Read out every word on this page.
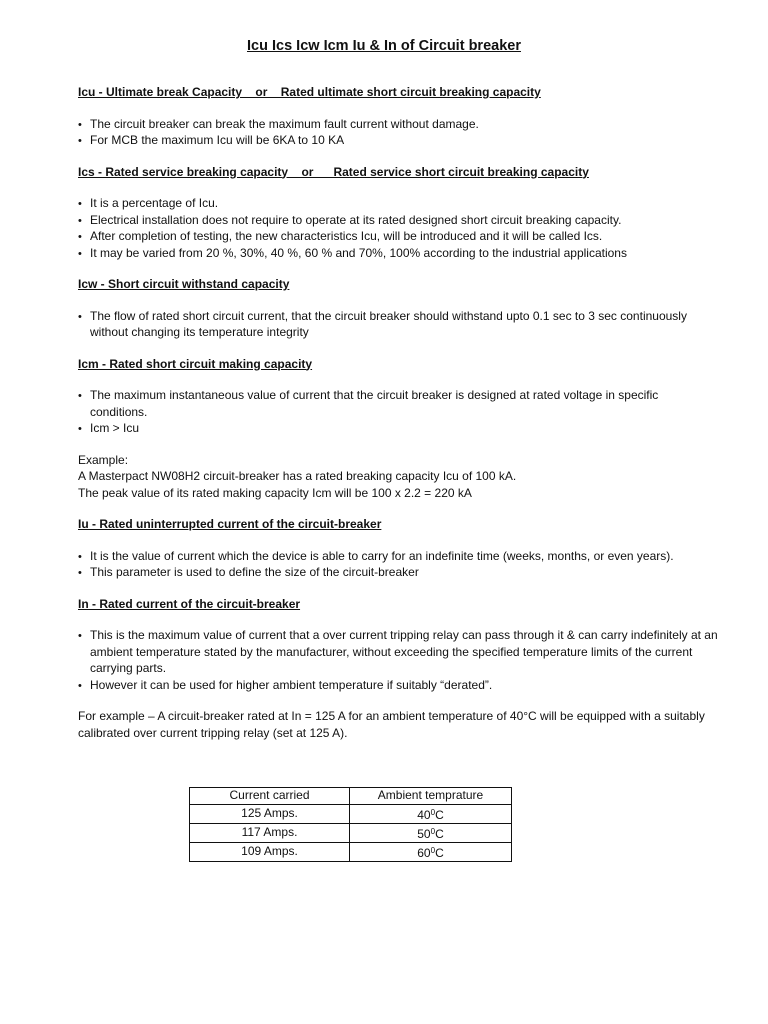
Icu Ics Icw Icm Iu & In of Circuit breaker
Icu - Ultimate break Capacity    or    Rated ultimate short circuit breaking capacity
• The circuit breaker can break the maximum fault current without damage.
• For MCB the maximum Icu will be 6KA to 10 KA
Ics - Rated service breaking capacity    or      Rated service short circuit breaking capacity
• It is a percentage of Icu.
• Electrical installation does not require to operate at its rated designed short circuit breaking capacity.
• After completion of testing, the new characteristics Icu, will be introduced and it will be called Ics.
• It may be varied from 20 %, 30%, 40 %, 60 % and 70%, 100% according to the industrial applications
Icw - Short circuit withstand capacity
• The flow of rated short circuit current, that the circuit breaker should withstand upto 0.1 sec to 3 sec continuously without changing its temperature integrity
Icm - Rated short circuit making capacity
• The maximum instantaneous value of current that the circuit breaker is designed at rated voltage in specific conditions.
• Icm > Icu

Example:

A Masterpact NW08H2 circuit-breaker has a rated breaking capacity Icu of 100 kA.

The peak value of its rated making capacity Icm will be 100 x 2.2 = 220 kA

Iu - Rated uninterrupted current of the circuit-breaker
• It is the value of current which the device is able to carry for an indefinite time (weeks, months, or even years).
• This parameter is used to define the size of the circuit-breaker
In - Rated current of the circuit-breaker
• This is the maximum value of current that a over current tripping relay can pass through it & can carry indefinitely at an ambient temperature stated by the manufacturer, without exceeding the specified temperature limits of the current carrying parts.
• However it can be used for higher ambient temperature if suitably “derated”.

For example – A circuit-breaker rated at In = 125 A for an ambient temperature of 40°C will be equipped with a suitably calibrated over current tripping relay (set at 125 A).

Current carried	Ambient temprature
125 Amps.	$40^0C$
117 Amps.	$50^0C$
109 Amps.	$60^0C$
